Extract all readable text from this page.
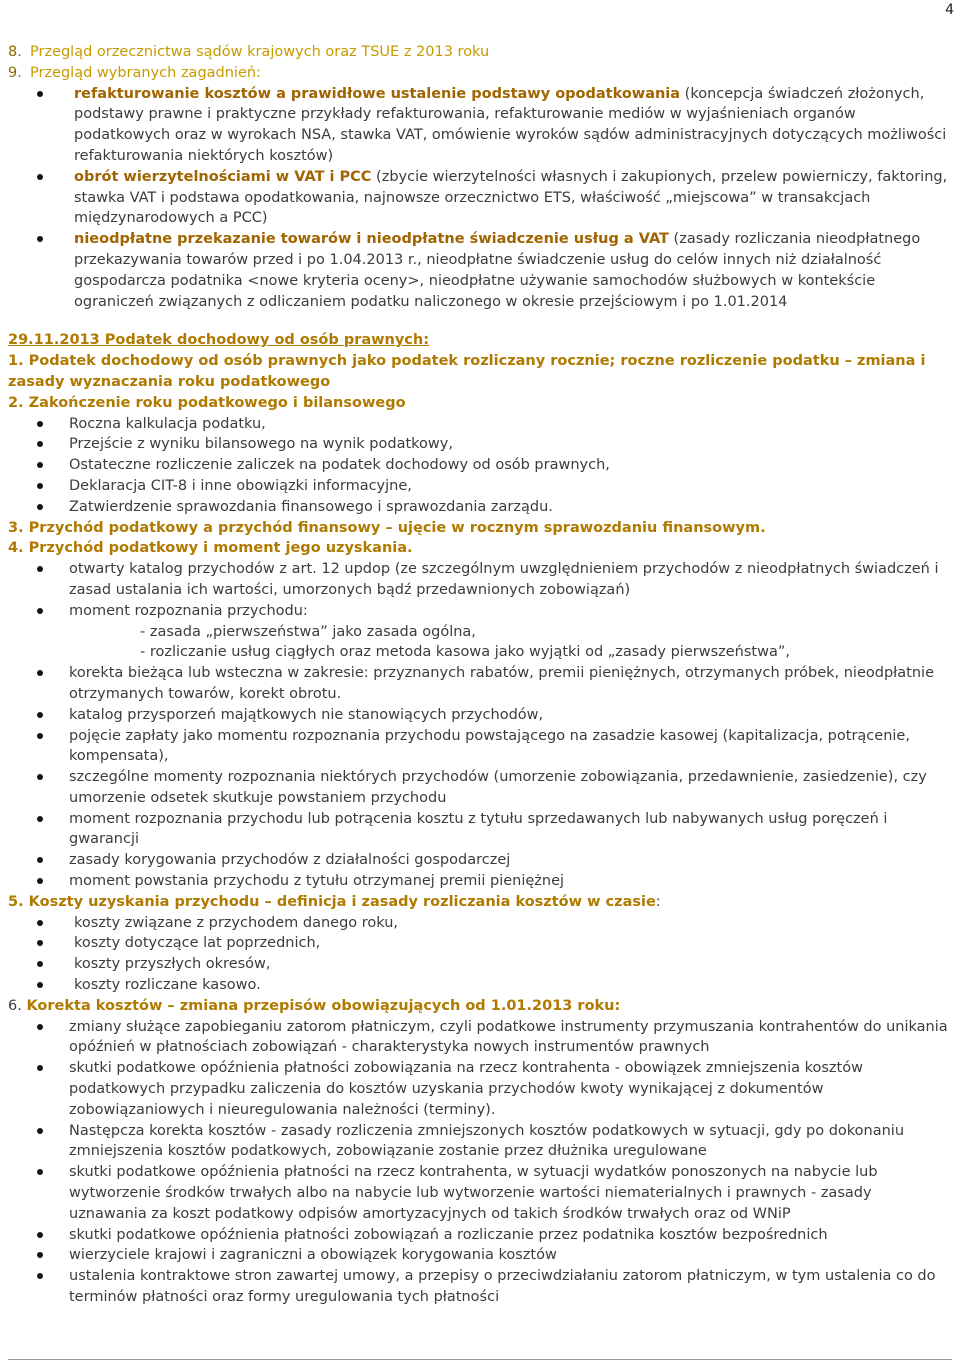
4

8. Przegląd orzecznictwa sądów krajowych oraz TSUE z 2013 roku

9. Przegląd wybranych zagadnień:

refakturowanie kosztów a prawidłowe ustalenie podstawy opodatkowania (koncepcja świadczeń złożonych, podstawy prawne i praktyczne przykłady refakturowania, refakturowanie mediów w wyjaśnieniach organów podatkowych oraz w wyrokach NSA, stawka VAT, omówienie wyroków sądów administracyjnych dotyczących możliwości refakturowania niektórych kosztów)
obrót wierzytelnościami w VAT i PCC (zbycie wierzytelności własnych i zakupionych, przelew powierniczy, faktoring, stawka VAT i podstawa opodatkowania, najnowsze orzecznictwo ETS, właściwość „miejscowa” w transakcjach międzynarodowych a PCC)
nieodpłatne przekazanie towarów i nieodpłatne świadczenie usług a VAT (zasady rozliczania nieodpłatnego przekazywania towarów przed i po 1.04.2013 r., nieodpłatne świadczenie usług do celów innych niż działalność gospodarcza podatnika <nowe kryteria oceny>, nieodpłatne używanie samochodów służbowych w kontekście ograniczeń związanych z odliczaniem podatku naliczonego w okresie przejściowym i po 1.01.2014

29.11.2013 Podatek dochodowy od osób prawnych:

1. Podatek dochodowy od osób prawnych jako podatek rozliczany rocznie; roczne rozliczenie podatku – zmiana i zasady wyznaczania roku podatkowego

2. Zakończenie roku podatkowego i bilansowego

Roczna kalkulacja podatku,
Przejście z wyniku bilansowego na wynik podatkowy,
Ostateczne rozliczenie zaliczek na podatek dochodowy od osób prawnych,
Deklaracja CIT-8 i inne obowiązki informacyjne,
Zatwierdzenie sprawozdania finansowego i sprawozdania zarządu.

3. Przychód podatkowy a przychód finansowy – ujęcie w rocznym sprawozdaniu finansowym.

4. Przychód podatkowy i moment jego uzyskania.

otwarty katalog przychodów z art. 12 updop (ze szczególnym uwzględnieniem przychodów z nieodpłatnych świadczeń i zasad ustalania ich wartości, umorzonych bądź przedawnionych zobowiązań)
moment rozpoznania przychodu:

- zasada „pierwszeństwa” jako zasada ogólna,

- rozliczanie usług ciągłych oraz metoda kasowa jako wyjątki od „zasady pierwszeństwa”,

korekta bieżąca lub wsteczna w zakresie: przyznanych rabatów, premii pieniężnych, otrzymanych próbek, nieodpłatnie otrzymanych towarów, korekt obrotu.
katalog przysporzeń majątkowych nie stanowiących przychodów,
pojęcie zapłaty jako momentu rozpoznania przychodu powstającego na zasadzie kasowej (kapitalizacja, potrącenie, kompensata),
szczególne momenty rozpoznania niektórych przychodów (umorzenie zobowiązania, przedawnienie, zasiedzenie), czy umorzenie odsetek skutkuje powstaniem przychodu
moment rozpoznania przychodu lub potrącenia kosztu z tytułu sprzedawanych lub nabywanych usług poręczeń i gwarancji
zasady korygowania przychodów z działalności gospodarczej
moment powstania przychodu z tytułu otrzymanej premii pieniężnej

5. Koszty uzyskania przychodu – definicja i zasady rozliczania kosztów w czasie:

koszty związane z przychodem danego roku,
koszty dotyczące lat poprzednich,
koszty przyszłych okresów,
koszty rozliczane kasowo.

6. Korekta kosztów – zmiana przepisów obowiązujących od 1.01.2013 roku:

zmiany służące zapobieganiu zatorom płatniczym, czyli podatkowe instrumenty przymuszania kontrahentów do unikania opóźnień w płatnościach zobowiązań - charakterystyka nowych instrumentów prawnych
skutki podatkowe opóźnienia płatności zobowiązania na rzecz kontrahenta - obowiązek zmniejszenia kosztów podatkowych przypadku zaliczenia do kosztów uzyskania przychodów kwoty wynikającej z dokumentów zobowiązaniowych i nieuregulowania należności (terminy).
Następcza korekta kosztów - zasady rozliczenia zmniejszonych kosztów podatkowych w sytuacji, gdy po dokonaniu zmniejszenia kosztów podatkowych, zobowiązanie zostanie przez dłużnika uregulowane
skutki podatkowe opóźnienia płatności na rzecz kontrahenta, w sytuacji wydatków ponoszonych na nabycie lub wytworzenie środków trwałych albo na nabycie lub wytworzenie wartości niematerialnych i prawnych - zasady uznawania za koszt podatkowy odpisów amortyzacyjnych od takich środków trwałych oraz od WNiP
skutki podatkowe opóźnienia płatności zobowiązań a rozliczanie przez podatnika kosztów bezpośrednich
wierzyciele krajowi i zagraniczni a obowiązek korygowania kosztów
ustalenia kontraktowe stron zawartej umowy, a przepisy o przeciwdziałaniu zatorom płatniczym, w tym ustalenia co do terminów płatności oraz formy uregulowania tych płatności
